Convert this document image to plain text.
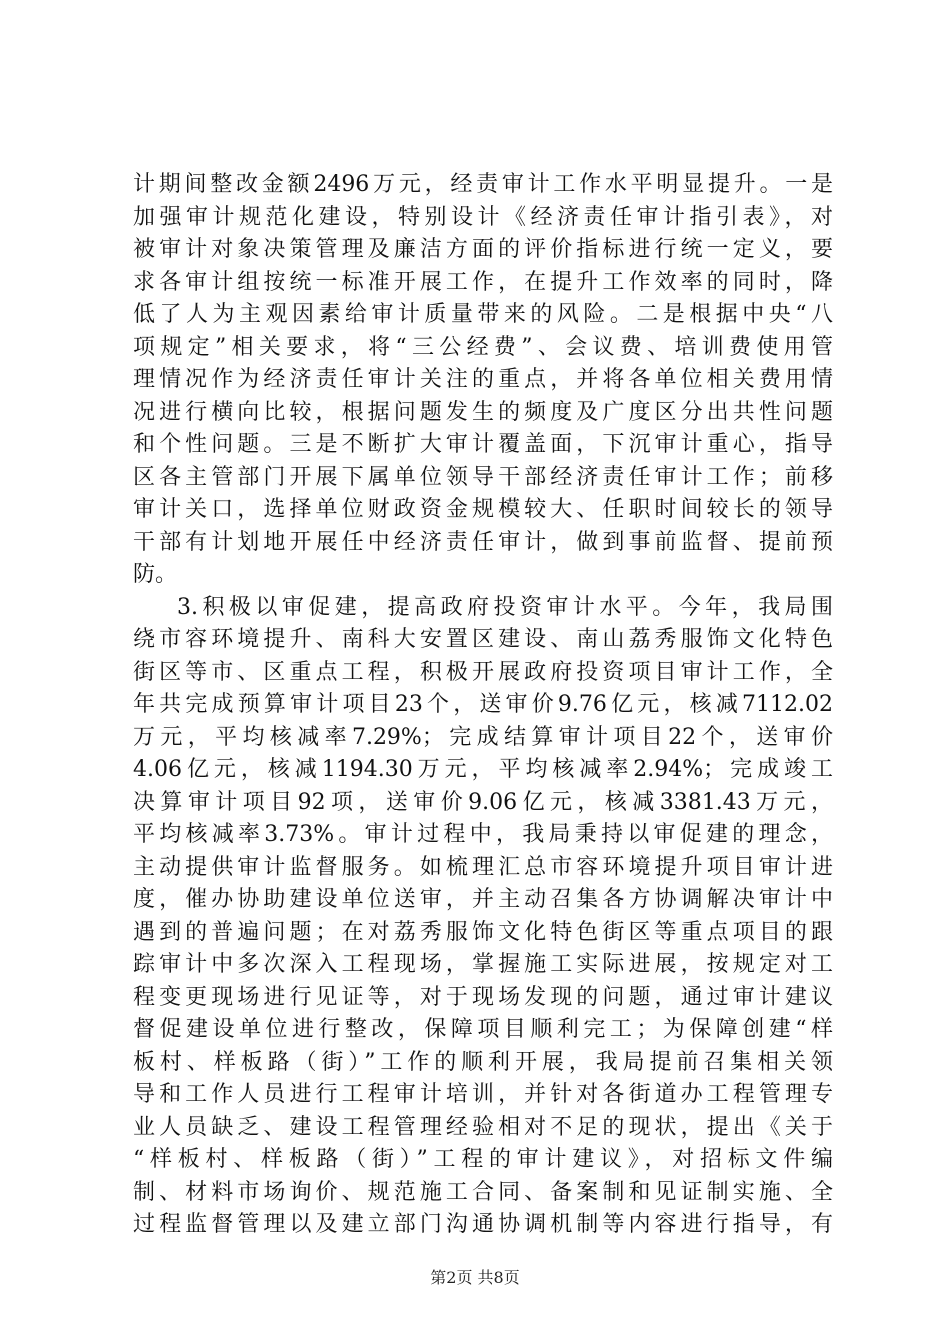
计期间整改金额2496万元，经责审计工作水平明显提升。一是
加强审计规范化建设，特别设计《经济责任审计指引表》，对
被审计对象决策管理及廉洁方面的评价指标进行统一定义，要
求各审计组按统一标准开展工作，在提升工作效率的同时，降
低了人为主观因素给审计质量带来的风险。二是根据中央“八
项规定”相关要求，将“三公经费”、会议费、培训费使用管
理情况作为经济责任审计关注的重点，并将各单位相关费用情
况进行横向比较，根据问题发生的频度及广度区分出共性问题
和个性问题。三是不断扩大审计覆盖面，下沉审计重心，指导
区各主管部门开展下属单位领导干部经济责任审计工作；前移
审计关口，选择单位财政资金规模较大、任职时间较长的领导
干部有计划地开展任中经济责任审计，做到事前监督、提前预
防。
3.积极以审促建，提高政府投资审计水平。今年，我局围
绕市容环境提升、南科大安置区建设、南山荔秀服饰文化特色
街区等市、区重点工程，积极开展政府投资项目审计工作，全
年共完成预算审计项目23个，送审价9.76亿元，核减7112.02
万元，平均核减率7.29%；完成结算审计项目22个，送审价
4.06亿元，核减1194.30万元，平均核减率2.94%；完成竣工
决算审计项目92项，送审价9.06亿元，核减3381.43万元，
平均核减率3.73%。审计过程中，我局秉持以审促建的理念，
主动提供审计监督服务。如梳理汇总市容环境提升项目审计进
度，催办协助建设单位送审，并主动召集各方协调解决审计中
遇到的普遍问题；在对荔秀服饰文化特色街区等重点项目的跟
踪审计中多次深入工程现场，掌握施工实际进展，按规定对工
程变更现场进行见证等，对于现场发现的问题，通过审计建议
督促建设单位进行整改，保障项目顺利完工；为保障创建“样
板村、样板路（街）”工作的顺利开展，我局提前召集相关领
导和工作人员进行工程审计培训，并针对各街道办工程管理专
业人员缺乏、建设工程管理经验相对不足的现状，提出《关于
“样板村、样板路（街）”工程的审计建议》，对招标文件编
制、材料市场询价、规范施工合同、备案制和见证制实施、全
过程监督管理以及建立部门沟通协调机制等内容进行指导，有
第2页 共8页
